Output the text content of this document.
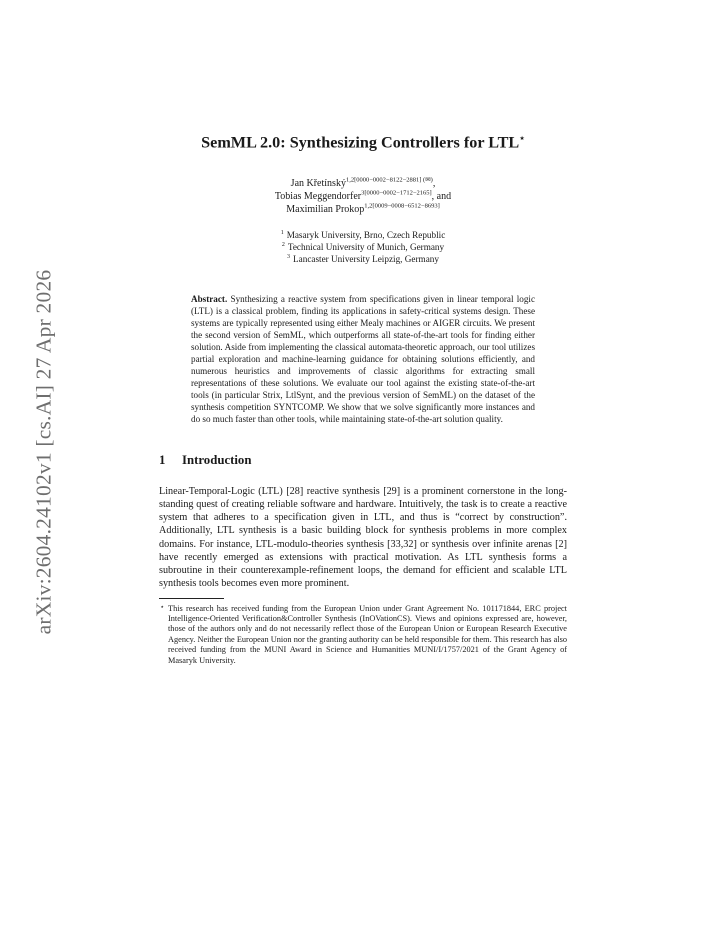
arXiv:2604.24102v1 [cs.AI] 27 Apr 2026
SemML 2.0: Synthesizing Controllers for LTL⋆
Jan Křetínský$^{1,2[0000-0002-8122-2881] (✉)}$,
Tobias Meggendorfer$^{3[0000-0002-1712-2165]}$, and
Maximilian Prokop$^{1,2[0009-0008-6512-8693]}$
$^1$ Masaryk University, Brno, Czech Republic
$^2$ Technical University of Munich, Germany
$^3$ Lancaster University Leipzig, Germany
Abstract. Synthesizing a reactive system from specifications given in linear temporal logic (LTL) is a classical problem, finding its applications in safety-critical systems design. These systems are typically represented using either Mealy machines or AIGER circuits. We present the second version of SemML, which outperforms all state-of-the-art tools for finding either solution. Aside from implementing the classical automata-theoretic approach, our tool utilizes partial exploration and machine-learning guidance for obtaining solutions efficiently, and numerous heuristics and improvements of classic algorithms for extracting small representations of these solutions. We evaluate our tool against the existing state-of-the-art tools (in particular Strix, LtlSynt, and the previous version of SemML) on the dataset of the synthesis competition SYNTCOMP. We show that we solve significantly more instances and do so much faster than other tools, while maintaining state-of-the-art solution quality.
1	Introduction
Linear-Temporal-Logic (LTL) [28] reactive synthesis [29] is a prominent cornerstone in the long-standing quest of creating reliable software and hardware. Intuitively, the task is to create a reactive system that adheres to a specification given in LTL, and thus is “correct by construction”. Additionally, LTL synthesis is a basic building block for synthesis problems in more complex domains. For instance, LTL-modulo-theories synthesis [33,32] or synthesis over infinite arenas [2] have recently emerged as extensions with practical motivation. As LTL synthesis forms a subroutine in their counterexample-refinement loops, the demand for efficient and scalable LTL synthesis tools becomes even more prominent.
⋆ This research has received funding from the European Union under Grant Agreement No. 101171844, ERC project Intelligence-Oriented Verification&Controller Synthesis (InOVationCS). Views and opinions expressed are, however, those of the authors only and do not necessarily reflect those of the European Union or European Research Executive Agency. Neither the European Union nor the granting authority can be held responsible for them. This research has also received funding from the MUNI Award in Science and Humanities MUNI/I/1757/2021 of the Grant Agency of Masaryk University.
